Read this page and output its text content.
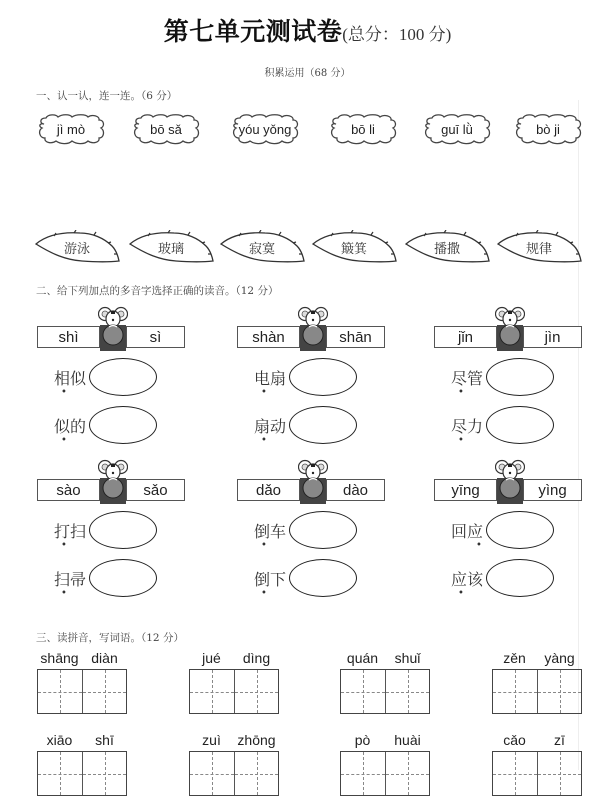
第七单元测试卷(总分：100 分)
积累运用（68 分）
一、认一认，连一连。（6 分）
jì mò	bō sǎ	yóu yǒng	bō li	guī lǜ	bò ji
游泳	玻璃	寂寞	簸箕	播撒	规律
二、给下列加点的多音字选择正确的读音。（12 分）
shì	sì
相似
•
似的
•
shàn	shān
电扇
•
扇动
•
jǐn	jìn
尽管
•
尽力
•
sào	sǎo
打扫
•
扫帚
•
dǎo	dào
倒车
•
倒下
•
yīng	yìng
回应
•
应该
•
三、读拼音，写词语。（12 分）
shāng diàn	jué	dìng	quán	shuǐ	zěn	yàng
xiāo	shī	zuì	zhōng	pò	huài	cǎo	zī
